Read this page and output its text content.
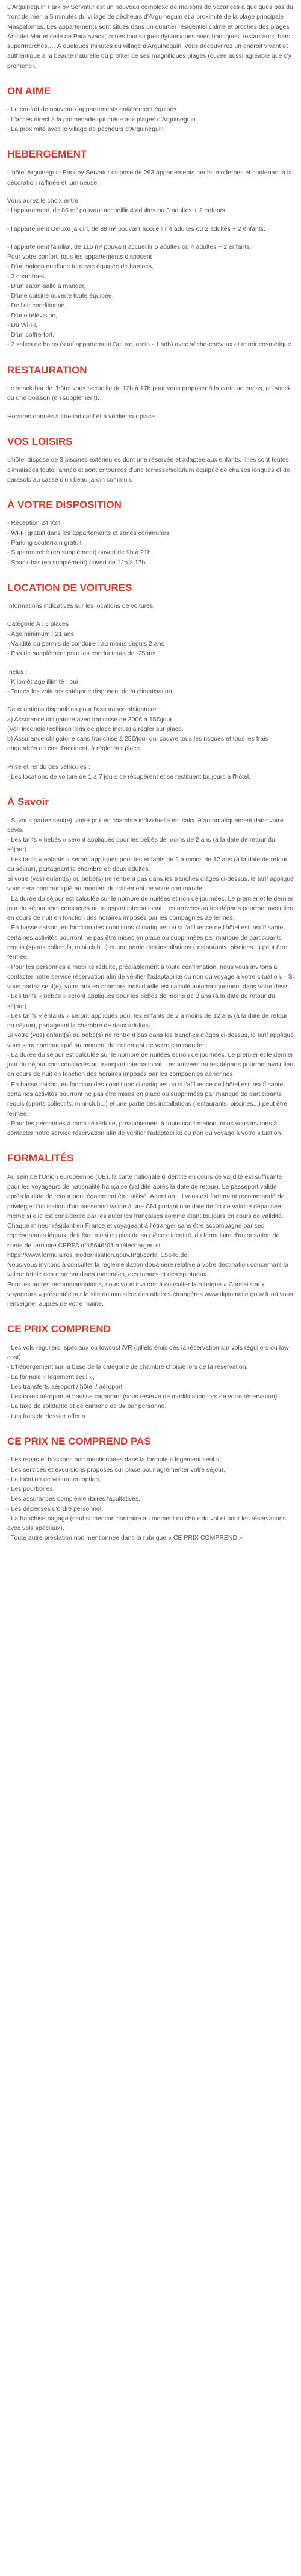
L'Arguineguin Park by Servatur est un nouveau complexe de maisons de vacances à quelques pas du front de mer, à 5 minutes du village de pêcheurs d'Arguineguin et à proximité de la plage principale Maspalomas. Les appartements sont situés dans un quartier résidentiel calme et proches des plages Anfi del Mar et celle de Patalavaca, zones touristiques dynamiques avec boutiques, restaurants, bars, supermarchés,… À quelques minutes du village d'Arguineguin, vous découvrirez un endroit vivant et authentique à la beauté naturelle où profiter de ses magnifiques plages (cuvée aussi agréable que c'y promener.

ON AIME
- Le confort de nouveaux appartements entièrement équipés
- L'accès direct à la promenade qui mène aux plages d'Arguineguin
- La proximité avec le village de pêcheurs d'Arguineguin
HEBERGEMENT

L'hôtel Arguineguin Park by Servatur dispose de 263 appartements neufs, modernes et contenant à la décoration raffinée et lumineuse.

Vous aurez le choix entre :
- l'appartement, de 86 m² pouvant accueillir 4 adultes ou 3 adultes + 2 enfants.
- l'appartement Deluxe jardin, de 88 m² pouvant accueillir 4 adultes ou 2 adultes + 2 enfants.
- l'appartement familial, de 115 m² pouvant accueillir 5 adultes ou 4 adultes + 2 enfants.
Pour votre confort, tous les appartements disposent
- D'un balcon ou d'une terrasse équipée de hamacs,
- 2 chambres
- D'un salon-salle à manger,
- D'une cuisine ouverte toute équipée,
- De l'air conditionné,
- D'une télévision,
- Du Wi-Fi,
- D'un coffre-fort,
- 2 salles de bains (sauf appartement Deluxe jardin - 1 sdb) avec sèche-cheveux et miroir cosmétique.
RESTAURATION

Le snack-bar de l'hôtel vous accueille de 12h à 17h pour vous proposer à la carte un encas, un snack ou une boisson (en supplément).

Horaires donnés à titre indicatif et à vérifier sur place.

VOS LOISIRS

L'hôtel dispose de 3 piscines extérieures dont une réservée et adaptée aux enfants. Il les sont toutes climatisées toute l'année et sont entourées d'une terrasse/solarium équipée de chaises longues et de parasols au casse d'un beau jardin commun.

À VOTRE DISPOSITION
- Réception 24h/24
- Wi-Fi gratuit dans les appartements et zones communes
- Parking souterrain gratuit
- Supermarché (en supplément) ouvert de 9h à 21h
- Snack-bar (en supplément) ouvert de 12h à 17h
LOCATION DE VOITURES

Informations indicatives sur les locations de voitures.

Catégorie A : 5 places
- Âge minimum : 21 ans
- Validité du permis de conduire : au moins depuis 2 ans
- Pas de supplément pour les conducteurs de -25ans.
Inclus :
- Kilométrage illimité : oui
- Toutes les voitures catégorie disposent de la climatisation.
Deux options disponibles pour l'assurance obligatoire :
a) Assurance obligatoire avec franchise de 300€ à 15€/jour
(Vol+incendie+collision+bris de glace inclus) à régler sur place.
b) Assurance obligatoire sans franchise à 25€/jour qui couvre tous les risques et tous les frais engendrés en cas d'accident, à régler sur place.
Prise et rendu des véhicules :
- Les locations de voiture de 1 à 7 jours se récupèrent et se restituent toujours à l'hôtel.
À Savoir
- Si vous partez seul(e), votre prix en chambre individuelle est calculé automatiquement dans votre devis.
- Les tarifs « bébés » seront appliqués pour les bébés de moins de 2 ans (à la date de retour du séjour).
- Les tarifs « enfants » seront appliqués pour les enfants de 2 à moins de 12 ans (à la date de retour du séjour), partageant la chambre de deux adultes.
Si votre (vos) enfant(s) ou bébé(s) ne rentrent pas dans les tranches d'âges ci-dessus, le tarif appliqué vous sera communiqué au moment du traitement de votre commande.
- La durée du séjour est calculée sur le nombre de nuitées et non de journées. Le premier et le dernier jour du séjour sont consacrés au transport international. Les arrivées ou les départs pourront avoir lieu en cours de nuit en fonction des horaires imposés par les compagnies aériennes.
- En basse saison, en fonction des conditions climatiques ou si l'affluence de l'hôtel est insuffisante, certaines activités pourront ne pas être mises en place ou supprimées par manque de participants requis (sports collectifs, mini-club...) et une partie des installations (restaurants, piscines...) peut être fermée.
- Pour les personnes à mobilité réduite, préalablement à toute confirmation, nous vous invitons à contacter notre service réservation afin de vérifier l'adaptabilité ou non du voyage à votre situation. - Si vous partez seul(e), votre prix en chambre individuelle est calculé automatiquement dans votre devis.
- Les tarifs « bébés » seront appliqués pour les bébés de moins de 2 ans (à la date de retour du séjour).
- Les tarifs « enfants » seront appliqués pour les enfants de 2 à moins de 12 ans (à la date de retour du séjour), partageant la chambre de deux adultes.
Si votre (vos) enfant(s) ou bébé(s) ne rentrent pas dans les tranches d'âges ci-dessus, le tarif appliqué vous sera communiqué au moment du traitement de votre commande.
- La durée du séjour est calculée sur le nombre de nuitées et non de journées. Le premier et le dernier jour du séjour sont consacrés au transport international. Les arrivées ou les départs pourront avoir lieu en cours de nuit en fonction des horaires imposés par les compagnies aériennes.
- En basse saison, en fonction des conditions climatiques ou si l'affluence de l'hôtel est insuffisante, certaines activités pourront ne pas être mises en place ou supprimées par manque de participants requis (sports collectifs, mini-club...) et une partie des installations (restaurants, piscines...) peut être fermée.
- Pour les personnes à mobilité réduite, préalablement à toute confirmation, nous vous invitons à contacter notre service réservation afin de vérifier l'adaptabilité ou non du voyage à votre situation.
FORMALITÉS
Au sein de l'Union européenne (UE), la carte nationale d'identité en cours de validité est suffisante pour les voyageurs de nationalité française (validité après la date de retour). Le passeport valide après la date de retour peut également être utilisé. Attention : Il vous est fortement recommandé de privilégier l'utilisation d'un passeport valide à une CNI portant une date de fin de validité dépassée, même si elle est considérée par les autorités françaises comme étant toujours en cours de validité.
Chaque mineur résidant en France et voyageant à l'étranger sans être accompagné par ses représentants légaux, doit être muni en plus de sa pièce d'identité, du formulaire d'autorisation de sortie de territoire CERFA n°15646*01 à télécharger ici : https://www.formulaires.modernisation.gouv.fr/gf/cerfa_15646.do.
Nous vous invitons à consulter la réglementation douanière relative à votre destination concernant la valeur totale des marchandises ramenées, des tabacs et des spiritueux.
Pour les autres recommandations, nous vous invitons à consulter la rubrique « Conseils aux voyageurs » présentée sur le site du ministère des affaires étrangères www.diplomatie.gouv.fr où vous renseigner auprès de votre mairie.
CE PRIX COMPREND
- Les vols réguliers, spéciaux ou lowcost A/R (billets émis dès la réservation sur vols réguliers ou low-cost),
- L'hébergement sur la base de la catégorie de chambre choisie lors de la réservation,
- La formule « logement seul »,
- Les transferts aéroport / hôtel / aéroport
- Les taxes aéroport et hausse carburant (sous réserve de modification lors de votre réservation),
- La taxe de solidarité et de carbone de 3€ par personne,
- Les frais de dossier offerts.
CE PRIX NE COMPREND PAS
- Les repas et boissons non mentionnées dans la formule « logement seul »,
- Les services et excursions proposés sur place pour agrémenter votre séjour,
- La location de voiture en option,
- Les pourboires,
- Les assurances complémentaires facultatives,
- Les dépenses d'ordre personnel,
- La franchise bagage (sauf si mention contraire au moment du choix du vol et pour les réservations avec vols spéciaux),
- Toute autre prestation non mentionnée dans la rubrique « CE PRIX COMPREND »
